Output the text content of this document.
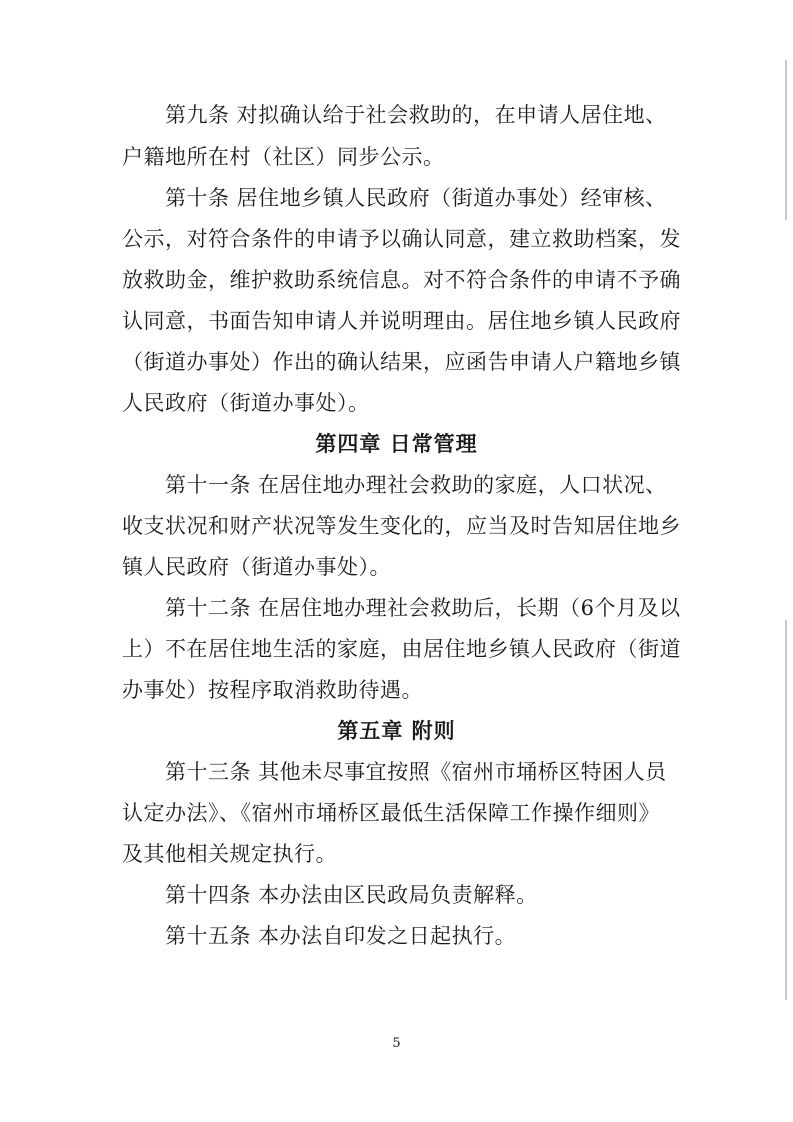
第九条 对拟确认给于社会救助的，在申请人居住地、

户籍地所在村（社区）同步公示。

第十条 居住地乡镇人民政府（街道办事处）经审核、

公示，对符合条件的申请予以确认同意，建立救助档案，发

放救助金，维护救助系统信息。对不符合条件的申请不予确

认同意，书面告知申请人并说明理由。居住地乡镇人民政府

（街道办事处）作出的确认结果，应函告申请人户籍地乡镇

人民政府（街道办事处）。

第四章 日常管理

第十一条 在居住地办理社会救助的家庭，人口状况、

收支状况和财产状况等发生变化的，应当及时告知居住地乡

镇人民政府（街道办事处）。

第十二条 在居住地办理社会救助后，长期（6个月及以

上）不在居住地生活的家庭，由居住地乡镇人民政府（街道

办事处）按程序取消救助待遇。

第五章 附则

第十三条 其他未尽事宜按照《宿州市埇桥区特困人员

认定办法》、《宿州市埇桥区最低生活保障工作操作细则》

及其他相关规定执行。

第十四条 本办法由区民政局负责解释。

第十五条 本办法自印发之日起执行。

5
